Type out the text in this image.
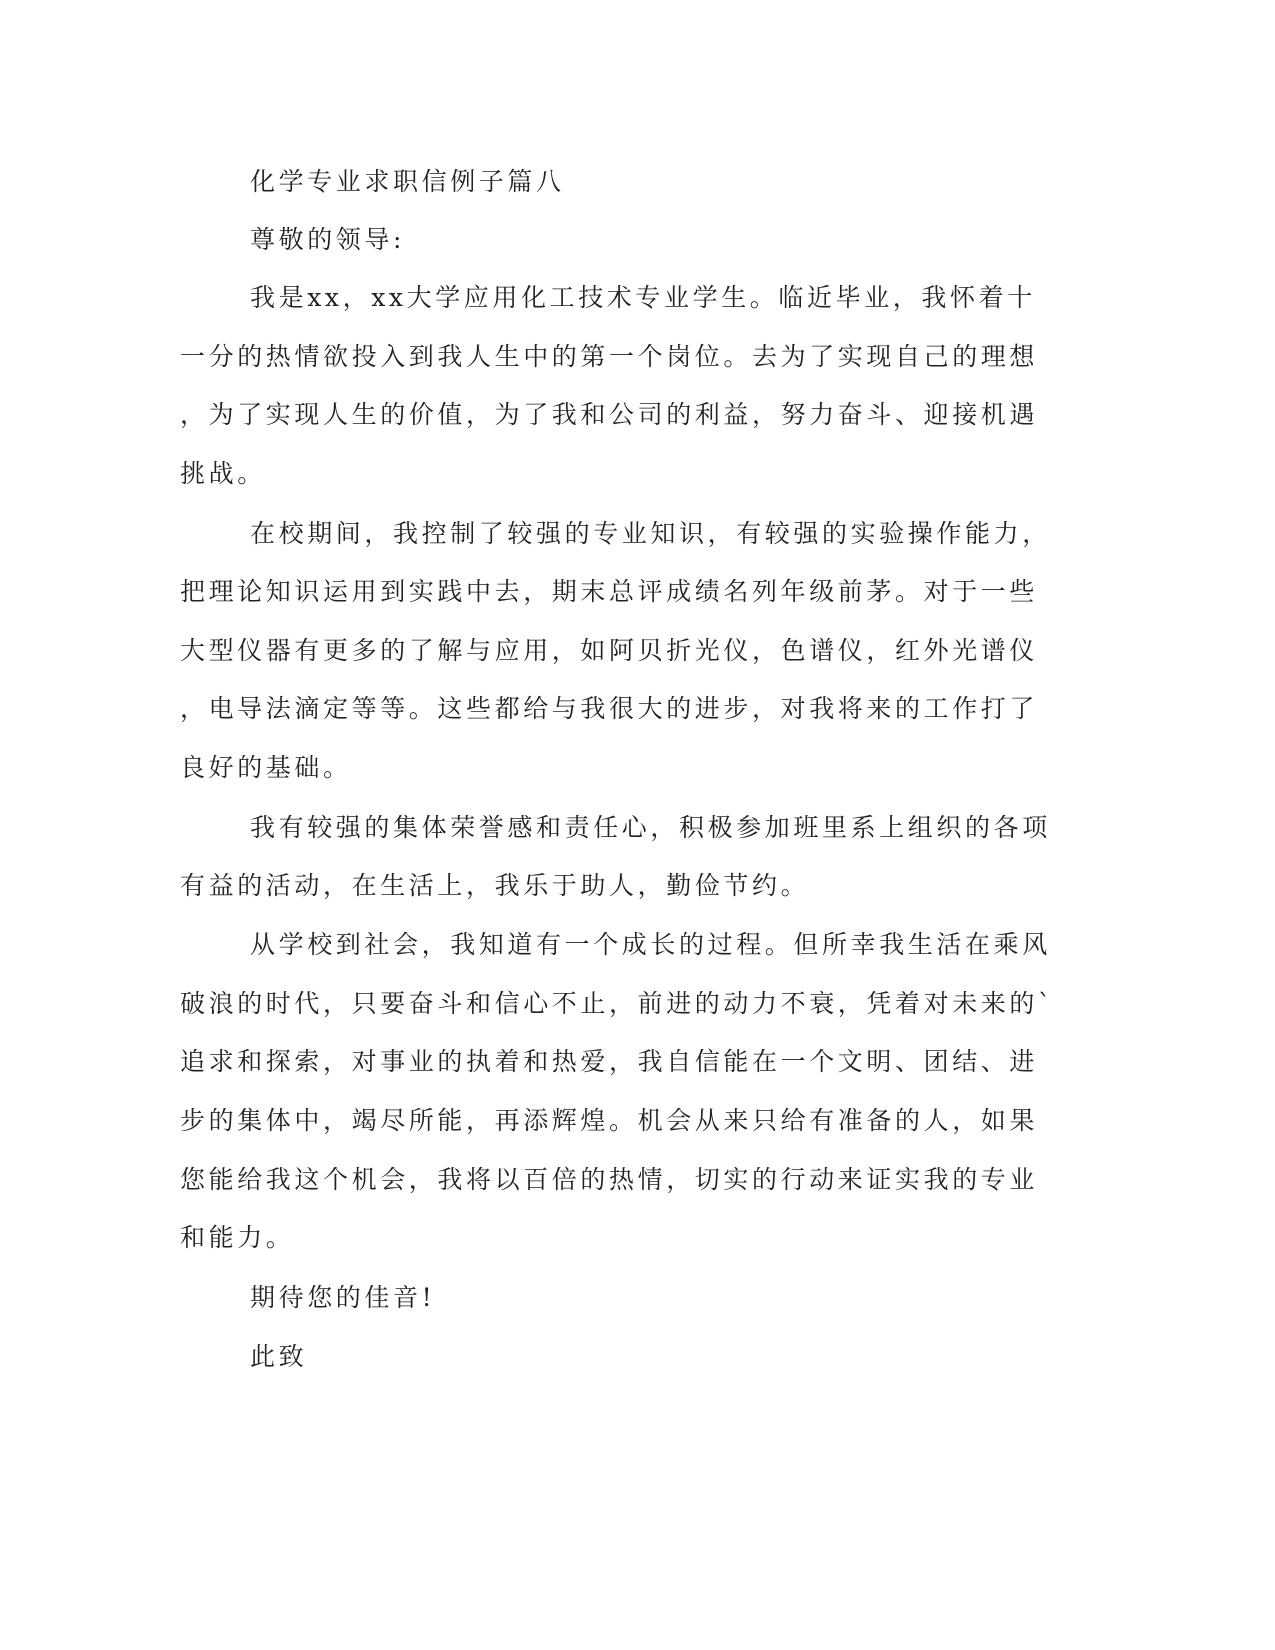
化学专业求职信例子篇八
尊敬的领导:
我是xx，xx大学应用化工技术专业学生。临近毕业，我怀着十
一分的热情欲投入到我人生中的第一个岗位。去为了实现自己的理想
，为了实现人生的价值，为了我和公司的利益，努力奋斗、迎接机遇
挑战。
在校期间，我控制了较强的专业知识，有较强的实验操作能力，
把理论知识运用到实践中去，期末总评成绩名列年级前茅。对于一些
大型仪器有更多的了解与应用，如阿贝折光仪，色谱仪，红外光谱仪
，电导法滴定等等。这些都给与我很大的进步，对我将来的工作打了
良好的基础。
我有较强的集体荣誉感和责任心，积极参加班里系上组织的各项
有益的活动，在生活上，我乐于助人，勤俭节约。
从学校到社会，我知道有一个成长的过程。但所幸我生活在乘风
破浪的时代，只要奋斗和信心不止，前进的动力不衰，凭着对未来的`
追求和探索，对事业的执着和热爱，我自信能在一个文明、团结、进
步的集体中，竭尽所能，再添辉煌。机会从来只给有准备的人，如果
您能给我这个机会，我将以百倍的热情，切实的行动来证实我的专业
和能力。
期待您的佳音!
此致
